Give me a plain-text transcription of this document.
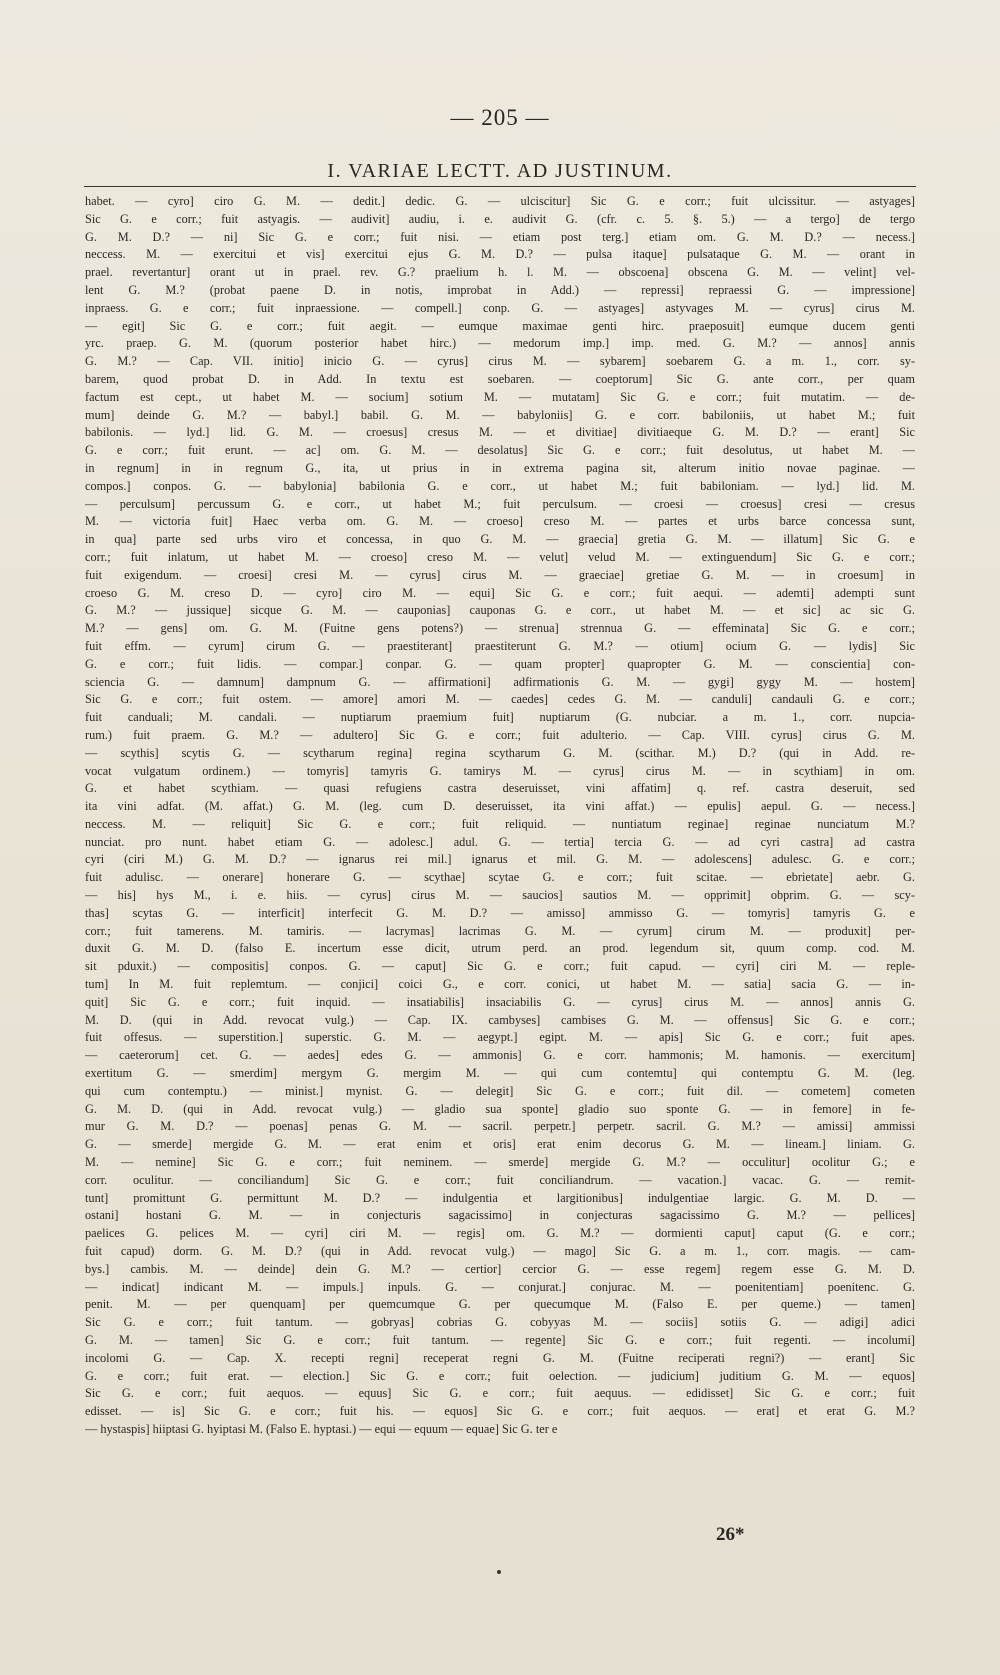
— 205 —
I. VARIAE LECTT. AD JUSTINUM.
habet. — cyro] ciro G. M. — dedit.] dedic. G. — ulciscitur] Sic G. e corr.; fuit ulcissitur. — astyages]
Sic G. e corr.; fuit astyagis. — audivit] audiu, i. e. audivit G. (cfr. c. 5. §. 5.) — a tergo] de tergo
G. M. D.? — ni] Sic G. e corr.; fuit nisi. — etiam post terg.] etiam om. G. M. D.? — necess.]
neccess. M. — exercitui et vis] exercitui ejus G. M. D.? — pulsa itaque] pulsataque G. M. — orant in
prael. revertantur] orant ut in prael. rev. G.? praelium h. l. M. — obscoena] obscena G. M. — velint] vel-
lent G. M.? (probat paene D. in notis, improbat in Add.) — repressi] repraessi G. — impressione]
inpraess. G. e corr.; fuit inpraessione. — compell.] conp. G. — astyages] astyvages M. — cyrus] cirus M.
— egit] Sic G. e corr.; fuit aegit. — eumque maximae genti hirc. praeposuit] eumque ducem genti
yrc. praep. G. M. (quorum posterior habet hirc.) — medorum imp.] imp. med. G. M.? — annos] annis
G. M.? — Cap. VII. initio] inicio G. — cyrus] cirus M. — sybarem] soebarem G. a m. 1., corr. sy-
barem, quod probat D. in Add. In textu est soebaren. — coeptorum] Sic G. ante corr., per quam
factum est cept., ut habet M. — socium] sotium M. — mutatam] Sic G. e corr.; fuit mutatim. — de-
mum] deinde G. M.? — babyl.] babil. G. M. — babyloniis] G. e corr. babiloniis, ut habet M.; fuit
babilonis. — lyd.] lid. G. M. — croesus] cresus M. — et divitiae] divitiaeque G. M. D.? — erant] Sic
G. e corr.; fuit erunt. — ac] om. G. M. — desolatus] Sic G. e corr.; fuit desolutus, ut habet M. —
in regnum] in in regnum G., ita, ut prius in in extrema pagina sit, alterum initio novae paginae. —
compos.] conpos. G. — babylonia] babilonia G. e corr., ut habet M.; fuit babiloniam. — lyd.] lid. M.
— perculsum] percussum G. e corr., ut habet M.; fuit perculsum. — croesi — croesus] cresi — cresus
M. — victoria fuit] Haec verba om. G. M. — croeso] creso M. — partes et urbs barce concessa sunt,
in qua] parte sed urbs viro et concessa, in quo G. M. — graecia] gretia G. M. — illatum] Sic G. e
corr.; fuit inlatum, ut habet M. — croeso] creso M. — velut] velud M. — extinguendum] Sic G. e corr.;
fuit exigendum. — croesi] cresi M. — cyrus] cirus M. — graeciae] gretiae G. M. — in croesum] in
croeso G. M. creso D. — cyro] ciro M. — equi] Sic G. e corr.; fuit aequi. — ademti] adempti sunt
G. M.? — jussique] sicque G. M. — cauponias] cauponas G. e corr., ut habet M. — et sic] ac sic G.
M.? — gens] om. G. M. (Fuitne gens potens?) — strenua] strennua G. — effeminata] Sic G. e corr.;
fuit effm. — cyrum] cirum G. — praestiterant] praestiterunt G. M.? — otium] ocium G. — lydis] Sic
G. e corr.; fuit lidis. — compar.] conpar. G. — quam propter] quapropter G. M. — conscientia] con-
sciencia G. — damnum] dampnum G. — affirmationi] adfirmationis G. M. — gygi] gygy M. — hostem]
Sic G. e corr.; fuit ostem. — amore] amori M. — caedes] cedes G. M. — canduli] candauli G. e corr.;
fuit canduali; M. candali. — nuptiarum praemium fuit] nuptiarum (G. nubciar. a m. 1., corr. nupcia-
rum.) fuit praem. G. M.? — adultero] Sic G. e corr.; fuit adulterio. — Cap. VIII. cyrus] cirus G. M.
— scythis] scytis G. — scytharum regina] regina scytharum G. M. (scithar. M.) D.? (qui in Add. re-
vocat vulgatum ordinem.) — tomyris] tamyris G. tamirys M. — cyrus] cirus M. — in scythiam] in om.
G. et habet scythiam. — quasi refugiens castra deseruisset, vini affatim] q. ref. castra deseruit, sed
ita vini adfat. (M. affat.) G. M. (leg. cum D. deseruisset, ita vini affat.) — epulis] aepul. G. — necess.]
neccess. M. — reliquit] Sic G. e corr.; fuit reliquid. — nuntiatum reginae] reginae nunciatum M.?
nunciat. pro nunt. habet etiam G. — adolesc.] adul. G. — tertia] tercia G. — ad cyri castra] ad castra
cyri (ciri M.) G. M. D.? — ignarus rei mil.] ignarus et mil. G. M. — adolescens] adulesc. G. e corr.;
fuit adulisc. — onerare] honerare G. — scythae] scytae G. e corr.; fuit scitae. — ebrietate] aebr. G.
— his] hys M., i. e. hiis. — cyrus] cirus M. — saucios] sautios M. — opprimit] obprim. G. — scy-
thas] scytas G. — interficit] interfecit G. M. D.? — amisso] ammisso G. — tomyris] tamyris G. e
corr.; fuit tamerens. M. tamiris. — lacrymas] lacrimas G. M. — cyrum] cirum M. — produxit] per-
duxit G. M. D. (falso E. incertum esse dicit, utrum perd. an prod. legendum sit, quum comp. cod. M.
sit pduxit.) — compositis] conpos. G. — caput] Sic G. e corr.; fuit capud. — cyri] ciri M. — reple-
tum] In M. fuit replemtum. — conjici] coici G., e corr. conici, ut habet M. — satia] sacia G. — in-
quit] Sic G. e corr.; fuit inquid. — insatiabilis] insaciabilis G. — cyrus] cirus M. — annos] annis G.
M. D. (qui in Add. revocat vulg.) — Cap. IX. cambyses] cambises G. M. — offensus] Sic G. e corr.;
fuit offesus. — superstition.] superstic. G. M. — aegypt.] egipt. M. — apis] Sic G. e corr.; fuit apes.
— caeterorum] cet. G. — aedes] edes G. — ammonis] G. e corr. hammonis; M. hamonis. — exercitum]
exertitum G. — smerdim] mergym G. mergim M. — qui cum contemtu] qui contemptu G. M. (leg.
qui cum contemptu.) — minist.] mynist. G. — delegit] Sic G. e corr.; fuit dil. — cometem] cometen
G. M. D. (qui in Add. revocat vulg.) — gladio sua sponte] gladio suo sponte G. — in femore] in fe-
mur G. M. D.? — poenas] penas G. M. — sacril. perpetr.] perpetr. sacril. G. M.? — amissi] ammissi
G. — smerde] mergide G. M. — erat enim et oris] erat enim decorus G. M. — lineam.] liniam. G.
M. — nemine] Sic G. e corr.; fuit neminem. — smerde] mergide G. M.? — occulitur] ocolitur G.; e
corr. oculitur. — conciliandum] Sic G. e corr.; fuit conciliandrum. — vacation.] vacac. G. — remit-
tunt] promittunt G. permittunt M. D.? — indulgentia et largitionibus] indulgentiae largic. G. M. D. —
ostani] hostani G. M. — in conjecturis sagacissimo] in conjecturas sagacissimo G. M.? — pellices]
paelices G. pelices M. — cyri] ciri M. — regis] om. G. M.? — dormienti caput] caput (G. e corr.;
fuit capud) dorm. G. M. D.? (qui in Add. revocat vulg.) — mago] Sic G. a m. 1., corr. magis. — cam-
bys.] cambis. M. — deinde] dein G. M.? — certior] cercior G. — esse regem] regem esse G. M. D.
— indicat] indicant M. — impuls.] inpuls. G. — conjurat.] conjurac. M. — poenitentiam] poenitenc. G.
penit. M. — per quenquam] per quemcumque G. per quecumque M. (Falso E. per queme.) — tamen]
Sic G. e corr.; fuit tantum. — gobryas] cobrias G. cobyyas M. — sociis] sotiis G. — adigi] adici
G. M. — tamen] Sic G. e corr.; fuit tantum. — regente] Sic G. e corr.; fuit regenti. — incolumi]
incolomi G. — Cap. X. recepti regni] receperat regni G. M. (Fuitne reciperati regni?) — erant] Sic
G. e corr.; fuit erat. — election.] Sic G. e corr.; fuit oelection. — judicium] juditium G. M. — equos]
Sic G. e corr.; fuit aequos. — equus] Sic G. e corr.; fuit aequus. — edidisset] Sic G. e corr.; fuit
edisset. — is] Sic G. e corr.; fuit his. — equos] Sic G. e corr.; fuit aequos. — erat] et erat G. M.?
— hystaspis] hiiptasi G. hyiptasi M. (Falso E. hyptasi.) — equi — equum — equae] Sic G. ter e
26*
